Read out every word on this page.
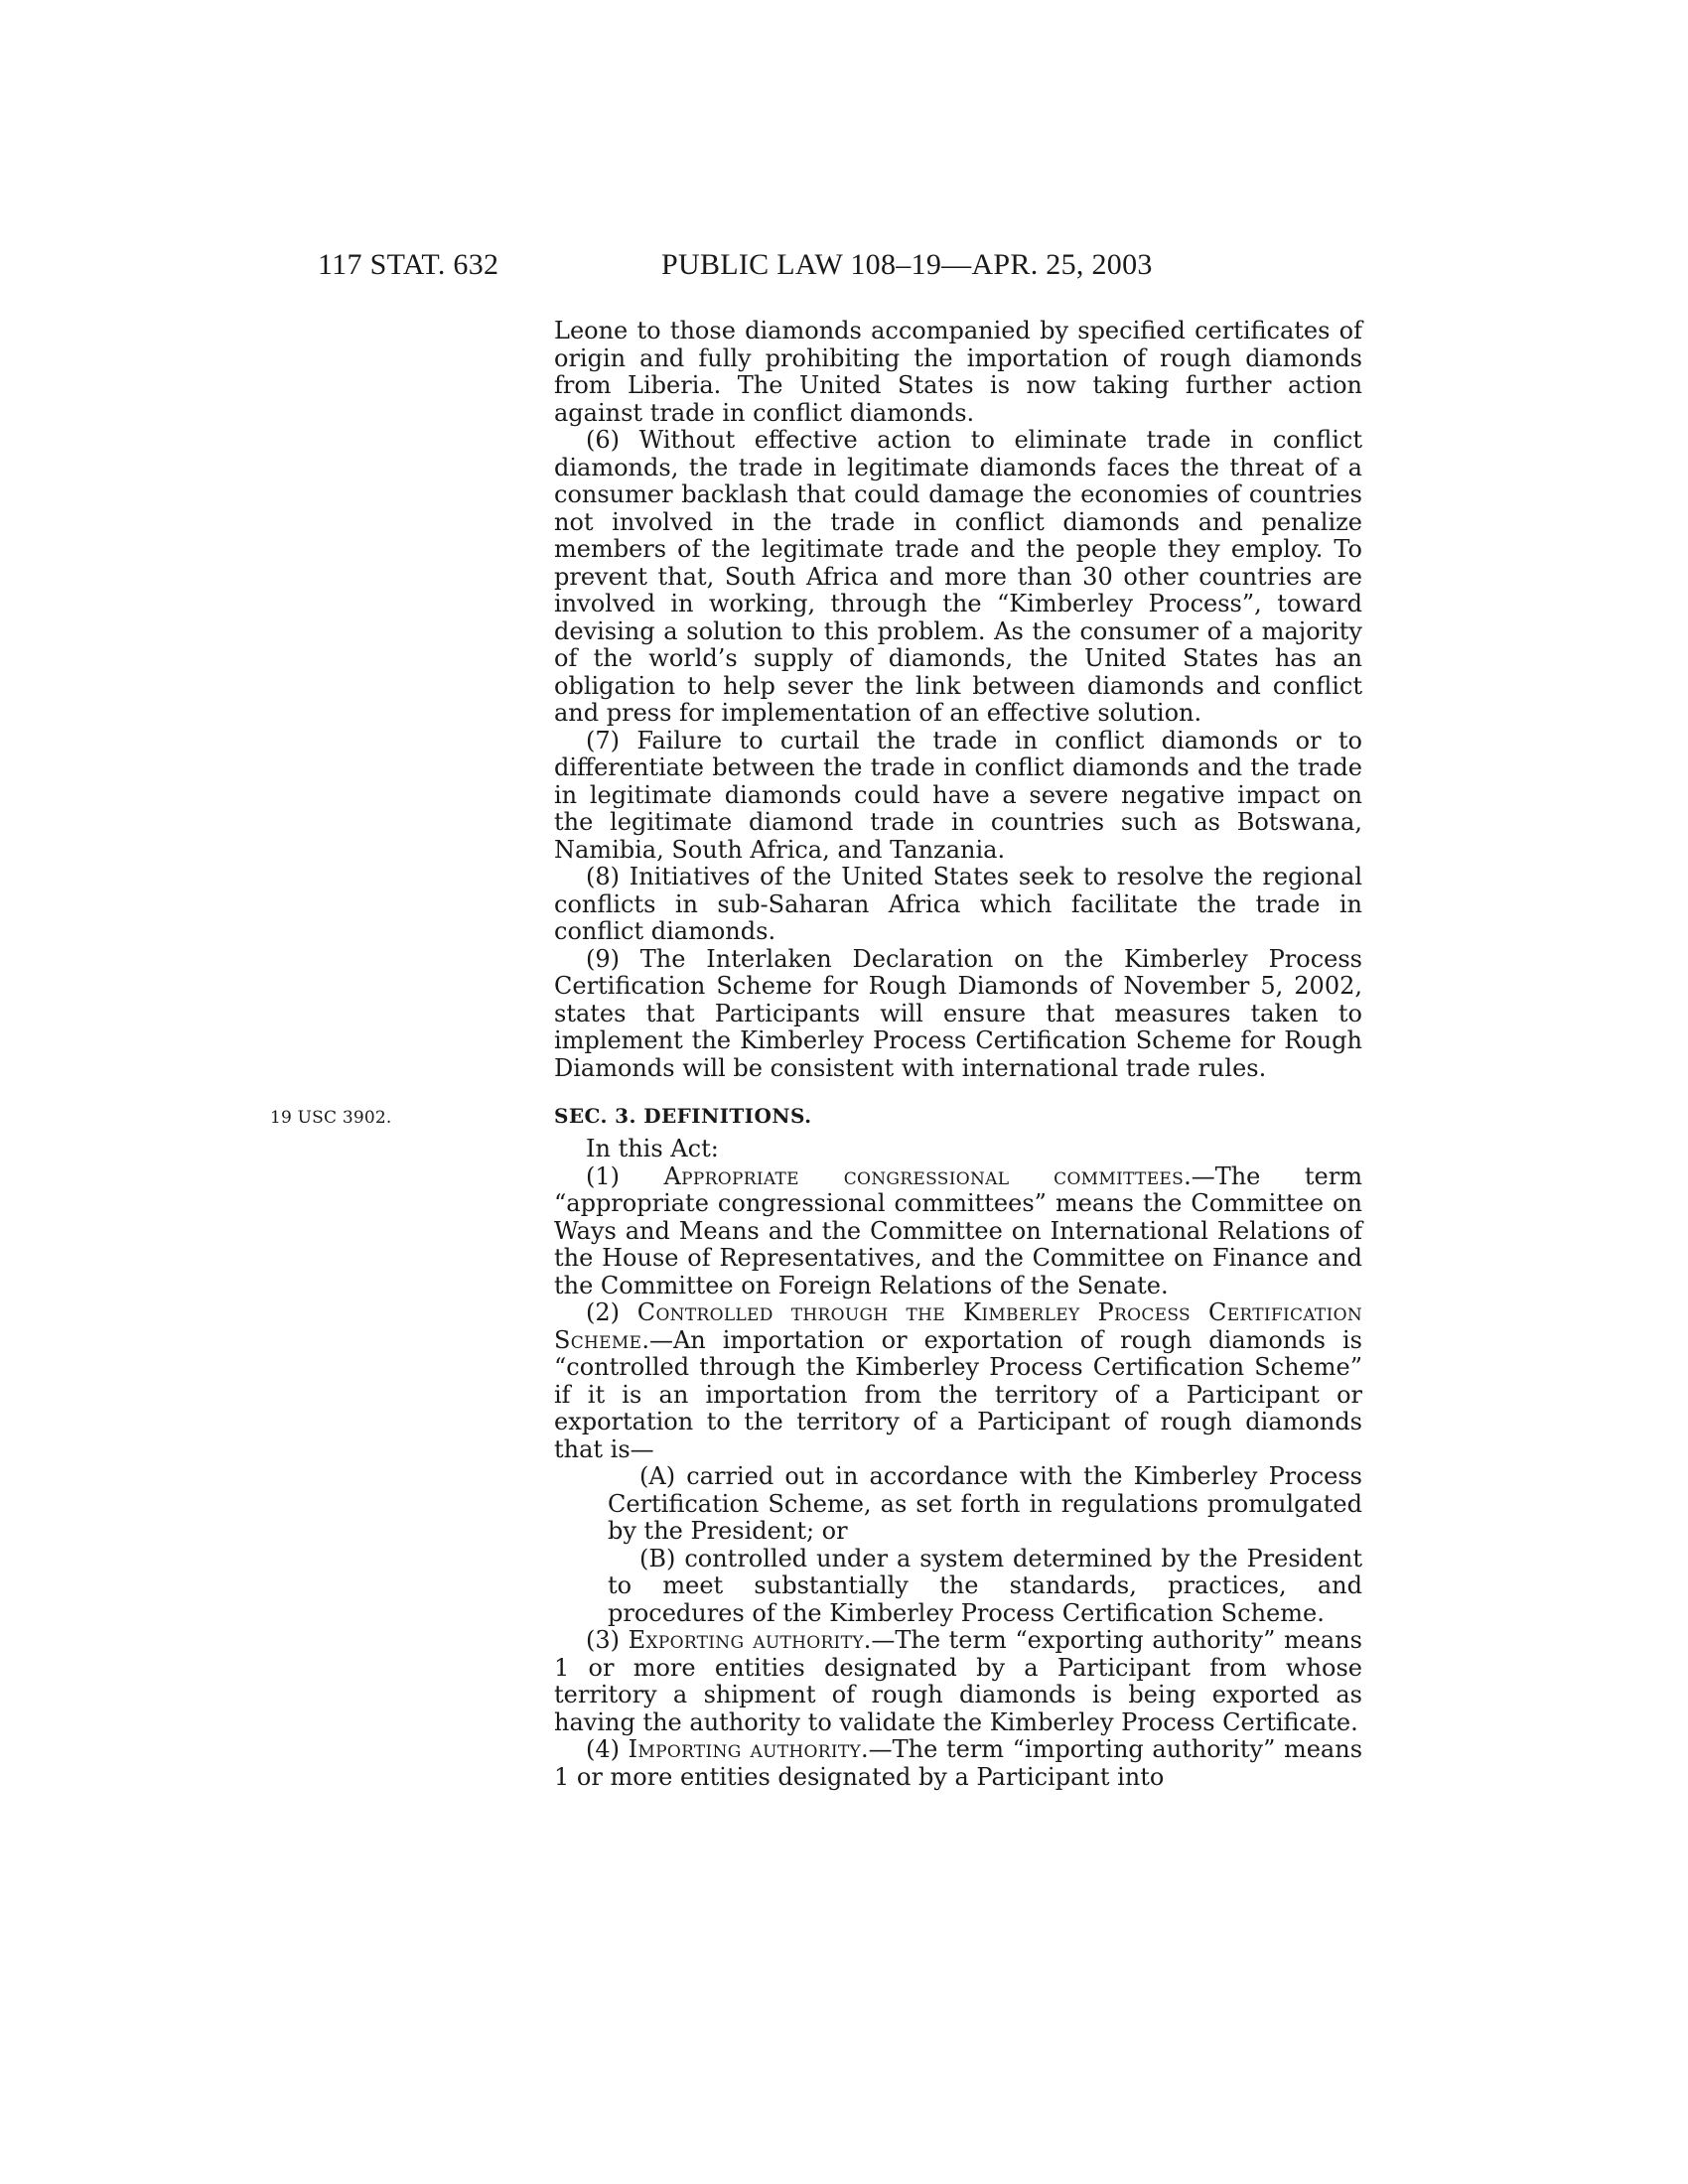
117 STAT. 632	PUBLIC LAW 108–19—APR. 25, 2003

Leone to those diamonds accompanied by specified certificates of origin and fully prohibiting the importation of rough diamonds from Liberia. The United States is now taking further action against trade in conflict diamonds.

(6) Without effective action to eliminate trade in conflict diamonds, the trade in legitimate diamonds faces the threat of a consumer backlash that could damage the economies of countries not involved in the trade in conflict diamonds and penalize members of the legitimate trade and the people they employ. To prevent that, South Africa and more than 30 other countries are involved in working, through the “Kimberley Process”, toward devising a solution to this problem. As the consumer of a majority of the world’s supply of diamonds, the United States has an obligation to help sever the link between diamonds and conflict and press for implementation of an effective solution.

(7) Failure to curtail the trade in conflict diamonds or to differentiate between the trade in conflict diamonds and the trade in legitimate diamonds could have a severe negative impact on the legitimate diamond trade in countries such as Botswana, Namibia, South Africa, and Tanzania.

(8) Initiatives of the United States seek to resolve the regional conflicts in sub-Saharan Africa which facilitate the trade in conflict diamonds.

(9) The Interlaken Declaration on the Kimberley Process Certification Scheme for Rough Diamonds of November 5, 2002, states that Participants will ensure that measures taken to implement the Kimberley Process Certification Scheme for Rough Diamonds will be consistent with international trade rules.

19 USC 3902.	SEC. 3. DEFINITIONS.

In this Act:

(1) Appropriate congressional committees.—The term “appropriate congressional committees” means the Committee on Ways and Means and the Committee on International Relations of the House of Representatives, and the Committee on Finance and the Committee on Foreign Relations of the Senate.

(2) Controlled through the Kimberley Process Certification Scheme.—An importation or exportation of rough diamonds is “controlled through the Kimberley Process Certification Scheme” if it is an importation from the territory of a Participant or exportation to the territory of a Participant of rough diamonds that is—

(A) carried out in accordance with the Kimberley Process Certification Scheme, as set forth in regulations promulgated by the President; or

(B) controlled under a system determined by the President to meet substantially the standards, practices, and procedures of the Kimberley Process Certification Scheme.

(3) Exporting authority.—The term “exporting authority” means 1 or more entities designated by a Participant from whose territory a shipment of rough diamonds is being exported as having the authority to validate the Kimberley Process Certificate.

(4) Importing authority.—The term “importing authority” means 1 or more entities designated by a Participant into
